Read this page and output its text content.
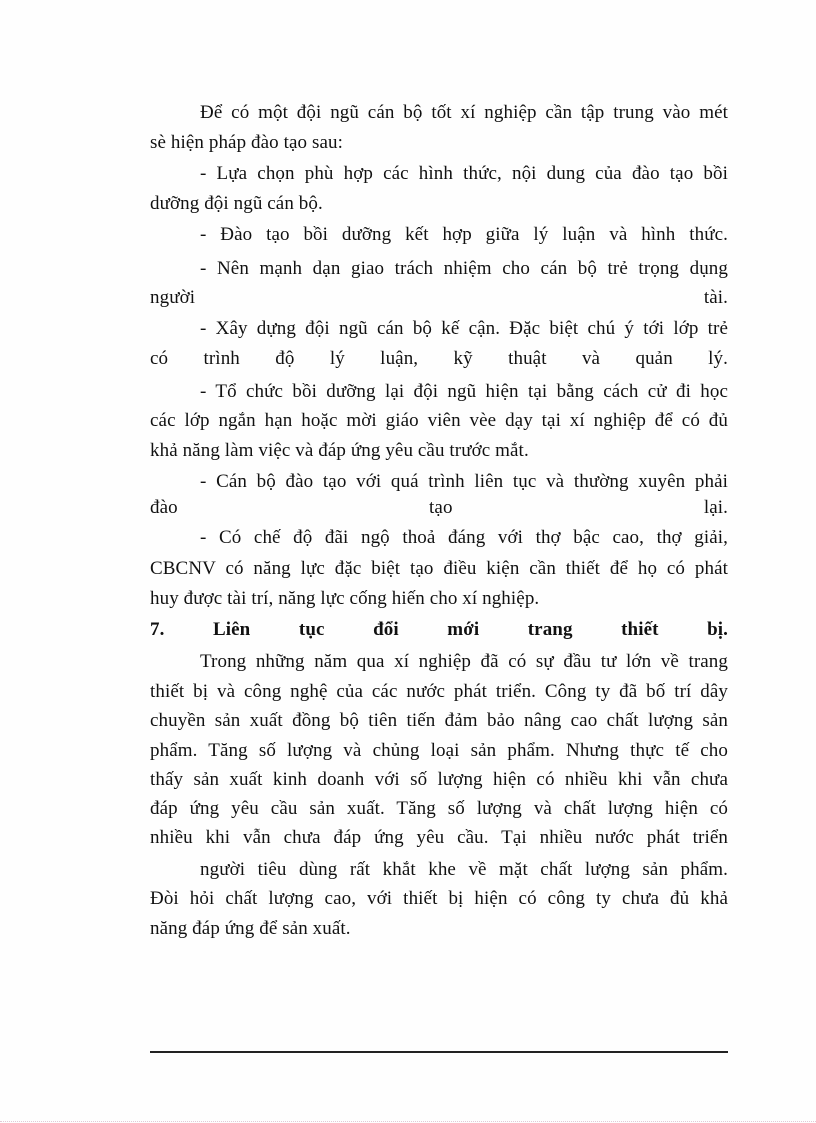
Để có một đội ngũ cán bộ tốt xí nghiệp cần tập trung vào mét
sè hiện pháp đào tạo sau:
- Lựa chọn phù hợp các hình thức, nội dung của đào tạo bồi
dưỡng đội ngũ cán bộ.
- Đào tạo bồi dưỡng kết hợp giữa lý luận và hình thức.
- Nên mạnh dạn giao trách nhiệm cho cán bộ trẻ trọng dụng
người tài.
- Xây dựng đội ngũ cán bộ kế cận. Đặc biệt chú ý tới lớp trẻ
có trình độ lý luận, kỹ thuật và quản lý.
- Tổ chức bồi dưỡng lại đội ngũ hiện tại bằng cách cử đi học
các lớp ngắn hạn hoặc mời giáo viên vèe dạy tại xí nghiệp để có đủ
khả năng làm việc và đáp ứng yêu cầu trước mắt.
- Cán bộ đào tạo với quá trình liên tục và thường xuyên phải
đào tạo lại.
- Có chế độ đãi ngộ thoả đáng với thợ bậc cao, thợ giải,
CBCNV có năng lực đặc biệt tạo điều kiện cần thiết để họ có phát
huy được tài trí, năng lực cống hiến cho xí nghiệp.
7. Liên tục đổi mới trang thiết bị.
Trong những năm qua xí nghiệp đã có sự đầu tư lớn về trang
thiết bị và công nghệ của các nước phát triển. Công ty đã bố trí dây
chuyền sản xuất đồng bộ tiên tiến đảm bảo nâng cao chất lượng sản
phẩm. Tăng số lượng và chủng loại sản phẩm. Nhưng thực tế cho
thấy sản xuất kinh doanh với số lượng hiện có nhiều khi vẫn chưa
đáp ứng yêu cầu sản xuất. Tăng số lượng và chất lượng hiện có
nhiều khi vẫn chưa đáp ứng yêu cầu. Tại nhiều nước phát triển
người tiêu dùng rất khắt khe về mặt chất lượng sản phẩm.
Đòi hỏi chất lượng cao, với thiết bị hiện có công ty chưa đủ khả
năng đáp ứng để sản xuất.
